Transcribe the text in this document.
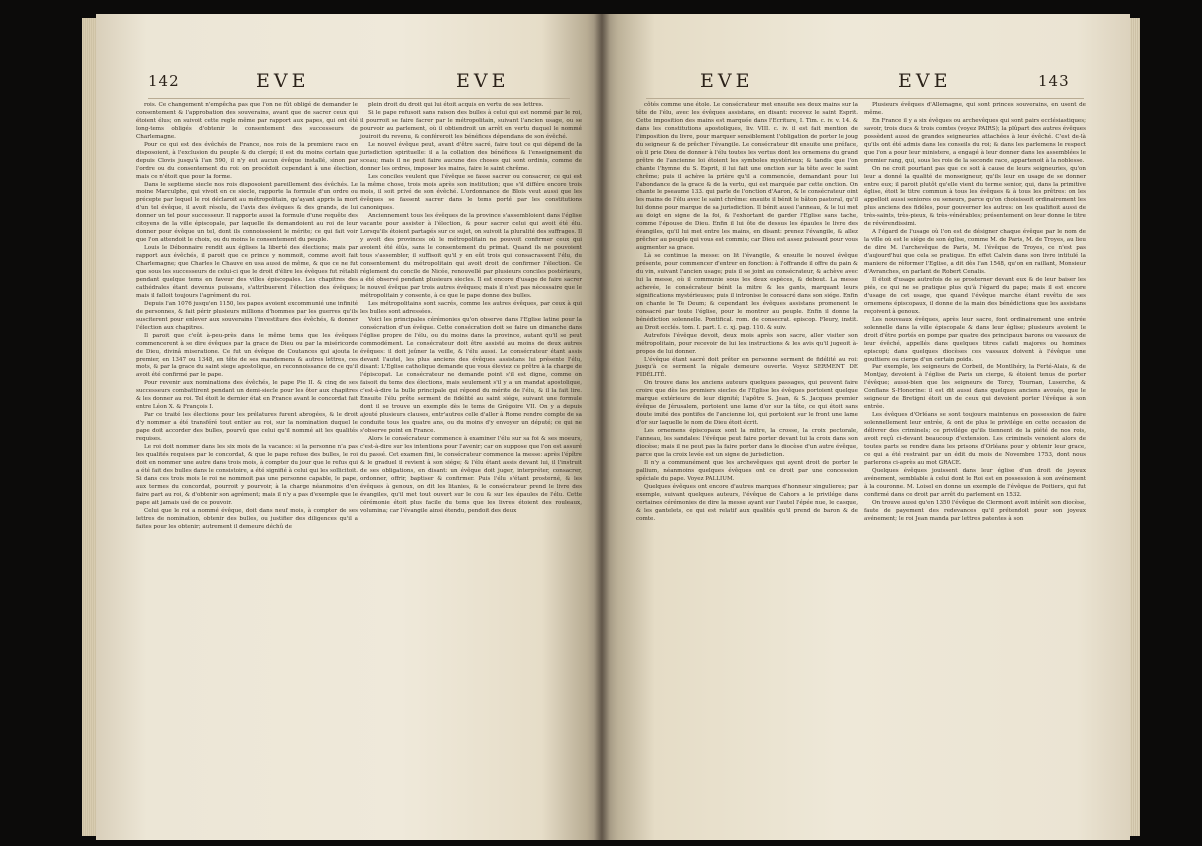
142	EVE	EVE

rois. Ce changement n'empêcha pas que l'on ne fût obligé de demander le consentement & l'approbation des souverains, avant que de sacrer ceux qui étoient élus; on suivoit cette regle même par rapport aux papes, qui ont été long-tems obligés d'obtenir le consentement des successeurs de Charlemagne.

Pour ce qui est des évêchés de France, nos rois de la premiere race en disposoient, à l'exclusion du peuple & du clergé; il est du moins certain que depuis Clovis jusqu'à l'an 590, il n'y eut aucun évêque installé, sinon par l'ordre ou du consentement du roi: on procédoit cependant à une élection, mais ce n'étoit que pour la forme.

Dans le septieme siecle nos rois disposoient pareillement des évêchés. Le moine Marculphe, qui vivoit en ce siecle, rapporte la formule d'un ordre ou précepte par lequel le roi déclaroit au métropolitain, qu'ayant appris la mort d'un tel évêque, il avoit résolu, de l'avis des évêques & des grands, de lui donner un tel pour successeur. Il rapporte aussi la formule d'une requête des citoyens de la ville épiscopale, par laquelle ils demandoient au roi de leur donner pour évêque un tel, dont ils connoissoient le mérite; ce qui fait voir que l'on attendoit le choix, ou du moins le consentement du peuple.

Louis le Débonnaire rendit aux églises la liberté des élections; mais par rapport aux évêchés, il paroit que ce prince y nommoit, comme avoit fait Charlemagne; que Charles le Chauve en usa aussi de même, & que ce ne fut que sous les successeurs de celui-ci que le droit d'élire les évêques fut rétabli pendant quelque tems en faveur des villes épiscopales. Les chapitres des cathédrales étant devenus puissans, s'attribuerent l'élection des évêques; mais il falloit toujours l'agrément du roi.

Depuis l'an 1076 jusqu'en 1150, les papes avoient excommunié une infinité de personnes, & fait périr plusieurs millions d'hommes par les guerres qu'ils susciterent pour enlever aux souverains l'investiture des évêchés, & donner l'élection aux chapitres.

Il paroit que c'eût à-peu-près dans le même tems que les évêques commencerent à se dire évêques par la grace de Dieu ou par la miséricorde de Dieu, divinâ miseratione. Ce fut un évêque de Coutances qui ajouta le premier, en 1347 ou 1348, en tête de ses mandemens & autres lettres, ces mots, & par la grace du saint siege apostolique, en reconnoissance de ce qu'il avoit été confirmé par le pape.

Pour revenir aux nominations des évêchés, le pape Pie II. & cinq de ses successeurs combattirent pendant un demi-siecle pour les ôter aux chapitres & les donner au roi. Tel étoit le dernier état en France avant le concordat fait entre Léon X. & François I.

Par ce traité les élections pour les prélatures furent abrogées, & le droit d'y nommer a été transféré tout entier au roi, sur la nomination duquel le pape doit accorder des bulles, pourvû que celui qu'il nommé ait les qualités requises.

Le roi doit nommer dans les six mois de la vacance: si la personne n'a pas les qualités requises par le concordat, & que le pape refuse des bulles, le roi doit en nommer une autre dans trois mois, à compter du jour que le refus qui a été fait des bulles dans le consistoire, a été signifié à celui qui les sollicitoit. Si dans ces trois mois le roi ne nommoit pas une personne capable, le pape, aux termes du concordat, pourroit y pourvoir, à la charge néanmoins d'en faire part au roi, & d'obtenir son agrément; mais il n'y a pas d'exemple que le pape ait jamais usé de ce pouvoir.

Celui que le roi a nommé évêque, doit dans neuf mois, à compter de ses lettres de nomination, obtenir des bulles, ou justifier des diligences qu'il a faites pour les obtenir; autrement il demeure déchû de

plein droit du droit qui lui étoit acquis en vertu de ses lettres.

Si le pape refusoit sans raison des bulles à celui qui est nommé par le roi, il pourroit se faire facrer par le métropolitain, suivant l'ancien usage, ou se pourvoir au parlement, où il obtiendroit un arrêt en vertu duquel le nommé jouiroit du revenu, & conféreroit les bénéfices dépendans de son évêché.

Le nouvel évêque peut, avant d'être sacré, faire tout ce qui dépend de la jurisdiction spirituelle: il a la collation des bénéfices & l'enseignement du sceau; mais il ne peut faire aucune des choses qui sont ordinis, comme de donner les ordres, imposer les mains, faire le saint chrême.

Les conciles veulent que l'évêque se fasse sacrer ou consacrer, ce qui est la même chose, trois mois après son institution; que s'il différe encore trois mois, il soit privé de son évêché. L'ordonnance de Blois veut aussi que les évêques se fassent sacrer dans le tems porté par les constitutions canoniques.

Anciennement tous les évêques de la province s'assembloient dans l'église vacante pour assister à l'élection, & pour sacrer celui qui avoit été élu. Lorsqu'ils étoient partagés sur ce sujet, on suivoit la pluralité des suffrages. Il y avoit des provinces où le métropolitain ne pouvoit confirmer ceux qui avoient été élûs, sans le consentement du primat. Quand ils ne pouvoient tous s'assembler, il suffisoit qu'il y en eût trois qui consacrassent l'élu, du consentement du métropolitain qui avoit droit de confirmer l'élection. Ce réglement du concile de Nicée, renouvellé par plusieurs conciles postérieurs, a été observé pendant plusieurs siecles. Il est encore d'usage de faire sacrer le nouvel évêque par trois autres évêques; mais il n'est pas nécessaire que le métropolitain y consente, à ce que le pape donne des bulles.

Les métropolitains sont sacrés, comme les autres évêques, par ceux à qui les bulles sont adressées.

Voici les principales cérémonies qu'on observe dans l'Eglise latine pour la consécration d'un évêque. Cette consécration doit se faire un dimanche dans l'église propre de l'élu, ou du moins dans la province, autant qu'il se peut commodément. Le consécrateur doit être assisté au moins de deux autres évêques: il doit jeûner la veille, & l'élu aussi. Le consécrateur étant assis devant l'autel, les plus anciens des évêques assistans lui présente l'élu, disant: L'Eglise catholique demande que vous éleviez ce prêtre à la charge de l'épiscopat. Le consécrateur ne demande point s'il est digne, comme on faisoit du tems des élections, mais seulement s'il y a un mandat apostolique, c'est-à-dire la bulle principale qui répond du mérite de l'élu, & il la fait lire. Ensuite l'élu prête serment de fidélité au saint siége, suivant une formule dont il se trouve un exemple dès le tems de Grégoire VII. On y a depuis ajouté plusieurs clauses, entr'autres celle d'aller à Rome rendre compte de sa conduite tous les quatre ans, ou du moins d'y envoyer un député; ce qui ne s'observe point en France.

Alors le consécrateur commence à examiner l'élu sur sa foi & ses moeurs, c'est-à-dire sur les intentions pour l'avenir; car on suppose que l'on est assuré du passé. Cet examen fini, le consécrateur commence la messe: après l'épître & le graduel il revient à son siége; & l'élu étant assis devant lui, il l'instruit de ses obligations, en disant: un évêque doit juger, interpréter, consacrer, ordonner, offrir, baptiser & confirmer. Puis l'élu s'étant prosterné, & les évêques à genoux, on dit les litanies, & le consécrateur prend le livre des évangiles, qu'il met tout ouvert sur le cou & sur les épaules de l'élu. Cette cérémonie étoit plus facile du tems que les livres étoient des rouleaux, volumina; car l'évangile ainsi étendu, pendoit des deux

EVE	EVE	143

côtés comme une étole. Le consécrateur met ensuite ses deux mains sur la tête de l'élu, avec les évêques assistans, en disant: recevez le saint Esprit. Cette imposition des mains est marquée dans l'Ecriture, I. Tim. c. iv. v. 14. & dans les constitutions apostoliques, liv. VIII. c. iv. il est fait mention de l'imposition du livre, pour marquer sensiblement l'obligation de porter le joug du seigneur & de prêcher l'évangile. Le consécrateur dit ensuite une préface, où il prie Dieu de donner à l'élu toutes les vertus dont les ornemens du grand prêtre de l'ancienne loi étoient les symboles mystérieux; & tandis que l'on chante l'hymne du S. Esprit, il lui fait une onction sur la tête avec le saint chrême; puis il achève la prière qu'il a commencée, demandant pour lui l'abondance de la grace & de la vertu, qui est marquée par cette onction. On chante le pseaume 133. qui parle de l'onction d'Aaron, & le consécrateur oint les mains de l'élu avec le saint chrême: ensuite il bénit le bâton pastoral, qu'il lui donne pour marque de sa jurisdiction. Il bénit aussi l'anneau, & le lui met au doigt en signe de la foi, & l'exhortant de garder l'Eglise sans tache, comme l'épouse de Dieu. Enfin il lui ôte de dessus les épaules le livre des évangiles, qu'il lui met entre les mains, en disant: prenez l'évangile, & allez prêcher au peuple qui vous est commis; car Dieu est assez puissant pour vous augmenter sa grace.

Là se continue la messe: on lit l'évangile, & ensuite le nouvel évêque présente, pour commencer d'entrer en fonction: à l'offrande il offre du pain & du vin, suivant l'ancien usage; puis il se joint au consécrateur, & achève avec lui la messe, où il communie sous les deux espèces, & debout. La messe achevée, le consécrateur bénit la mitre & les gants, marquant leurs significations mystérieuses; puis il intronise le consacré dans son siége. Enfin on chante le Te Deum; & cependant les évêques assistans promenent le consacré par toute l'église, pour le montrer au peuple. Enfin il donne la bénédiction solennelle. Pontifical. rom. de consecrat. episcop. Fleury, instit. au Droit ecclés. tom. I. part. I. c. xj. pag. 110. & suiv.

Autrefois l'évêque devoit, deux mois après son sacre, aller visiter son métropolitain, pour recevoir de lui les instructions & les avis qu'il jugeoit à-propos de lui donner.

L'évêque étant sacré doit prêter en personne serment de fidélité au roi: jusqu'à ce serment la régale demeure ouverte. Voyez SERMENT DE FIDÉLITÉ.

On trouve dans les anciens auteurs quelques passages, qui peuvent faire croire que dès les premiers siecles de l'Eglise les évêques portoient quelque marque extérieure de leur dignité; l'apôtre S. Jean, & S. Jacques premier évêque de Jérusalem, portoient une lame d'or sur la tête, ce qui étoit sans doute imité des pontifes de l'ancienne loi, qui portoient sur le front une lame d'or sur laquelle le nom de Dieu étoit écrit.

Les ornemens épiscopaux sont la mitre, la crosse, la croix pectorale, l'anneau, les sandales: l'évêque peut faire porter devant lui la croix dans son diocèse; mais il ne peut pas la faire porter dans le diocèse d'un autre évêque, parce que la croix levée est un signe de jurisdiction.

Il n'y a communément que les archevêques qui ayent droit de porter le pallium, néanmoins quelques évêques ont ce droit par une concession spéciale du pape. Voyez PALLIUM.

Quelques évêques ont encore d'autres marques d'honneur singulieres; par exemple, suivant quelques auteurs, l'évêque de Cahors a le privilége dans certaines cérémonies de dire la messe ayant sur l'autel l'épée nue, le casque, & les gantelets, ce qui est relatif aux qualités qu'il prend de baron & de comte.

Plusieurs évêques d'Allemagne, qui sont princes souverains, en usent de même.

En France il y a six évêques ou archevêques qui sont pairs ecclésiastiques; savoir, trois ducs & trois comtes (voyez PAIRS); la plûpart des autres évêques possèdent aussi de grandes seigneuries attachées à leur évêché. C'est de-là qu'ils ont été admis dans les conseils du roi; & dans les parlemens le respect que l'on a pour leur ministere, a engagé à leur donner dans les assemblées le premier rang, qui, sous les rois de la seconde race, appartenoit à la noblesse.

On ne croit pourtant pas que ce soit à cause de leurs seigneuries, qu'on leur a donné la qualité de monseigneur, qu'ils leur en usage de se donner entre eux; il paroit plutôt qu'elle vient du terme senior, qui, dans la primitive église, étoit le titre commun à tous les évêques & à tous les prêtres: on les appelloit aussi seniores ou seneurs, parce qu'on choisissoit ordinairement les plus anciens des fidéles, pour gouverner les autres: on les qualifioit aussi de très-saints, très-pieux, & très-vénérables; présentement on leur donne le titre de révérendissimi.

A l'égard de l'usage où l'on est de désigner chaque évêque par le nom de la ville où est le siége de son église, comme M. de Paris, M. de Troyes, au lieu de dire M. l'archevêque de Paris, M. l'évêque de Troyes, ce n'est pas d'aujourd'hui que cela se pratique. En effet Calvin dans son livre intitulé la maniere de réformer l'Eglise, a dit dès l'an 1548, qu'on en raillant, Monsieur d'Avranches, en parlant de Robert Cenalis.

Il étoit d'usage autrefois de se prosterner devant eux & de leur baiser les piés, ce qui ne se pratique plus qu'à l'égard du pape; mais il est encore d'usage de cet usage, que quand l'évêque marche étant revêtu de ses ornemens épiscopaux, il donne de la main des bénédictions que les assistans reçoivent à genoux.

Les nouveaux évêques, après leur sacre, font ordinairement une entrée solennelle dans la ville épiscopale & dans leur église; plusieurs avoient le droit d'être portés en pompe par quatre des principaux barons ou vassaux de leur évêché, appellés dans quelques titres cafati majores ou homines episcopi; dans quelques diocèses ces vassaux doivent à l'évêque une gouttiere ou cierge d'un certain poids.

Par exemple, les seigneurs de Corbeil, de Montlhéry, la Ferté-Alais, & de Montjay, devoient à l'église de Paris un cierge, & étoient tenus de porter l'évêque; aussi-bien que les seigneurs de Torcy, Tournan, Luserche, & Conflans S-Honorine: il est dit aussi dans quelques anciens avoués, que le seigneur de Bretigni étoit un de ceux qui devoient porter l'évêque à son entrée.

Les évêques d'Orléans se sont toujours maintenus en possession de faire solennellement leur entrée, & ont de plus le privilége en cette occasion de délivrer des criminels; ce privilége qu'ils tiennent de la piété de nos rois, avoit reçû ci-devant beaucoup d'extension. Les criminels venoient alors de toutes parts se rendre dans les prisons d'Orléans pour y obtenir leur grace, ce qui a été restraint par un édit du mois de Novembre 1753, dont nous parlerons ci-après au mot GRACE.

Quelques évêques jouissent dans leur église d'un droit de joyeux avénement, semblable à celui dont le Roi est en possession à son avénement à la couronne. M. Loisel en donne un exemple de l'évêque de Poitiers, qui fut confirmé dans ce droit par arrêt du parlement en 1532.

On trouve aussi qu'en 1350 l'évêque de Clermont avoit intérêt son diocèse, faute de payement des redevances qu'il prétendoit pour son joyeux avénement; le roi Jean manda par lettres patentes à son
